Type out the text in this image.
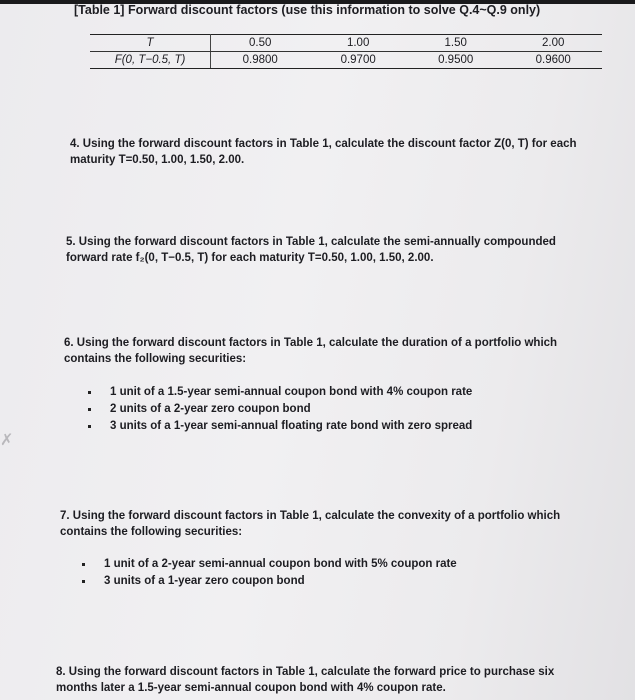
[Table 1] Forward discount factors (use this information to solve Q.4~Q.9 only)
T	0.50	1.00	1.50	2.00
F(0, T−0.5, T)	0.9800	0.9700	0.9500	0.9600
4. Using the forward discount factors in Table 1, calculate the discount factor Z(0, T) for each
maturity T=0.50, 1.00, 1.50, 2.00.
5. Using the forward discount factors in Table 1, calculate the semi-annually compounded
forward rate f₂(0, T−0.5, T) for each maturity T=0.50, 1.00, 1.50, 2.00.
6. Using the forward discount factors in Table 1, calculate the duration of a portfolio which
contains the following securities:
1 unit of a 1.5-year semi-annual coupon bond with 4% coupon rate
2 units of a 2-year zero coupon bond
3 units of a 1-year semi-annual floating rate bond with zero spread
✗
7. Using the forward discount factors in Table 1, calculate the convexity of a portfolio which
contains the following securities:
1 unit of a 2-year semi-annual coupon bond with 5% coupon rate
3 units of a 1-year zero coupon bond
8. Using the forward discount factors in Table 1, calculate the forward price to purchase six
months later a 1.5-year semi-annual coupon bond with 4% coupon rate.
